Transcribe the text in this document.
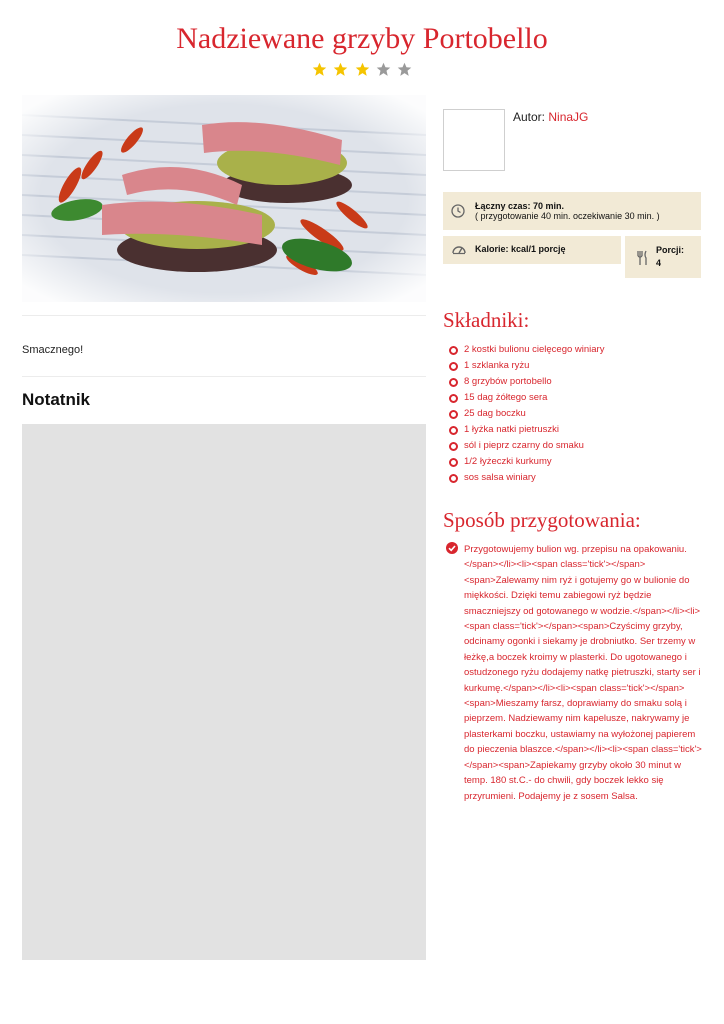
Nadziewane grzyby Portobello

Smacznego!
Notatnik
Autor: NinaJG
Łączny czas: 70 min.
( przygotowanie 40 min. oczekiwanie 30 min. )
Kalorie: kcal/1 porcję	Porcji:
4
Składniki:
2 kostki bulionu cielęcego winiary
1 szklanka ryżu
8 grzybów portobello
15 dag żółtego sera
25 dag boczku
1 łyżka natki pietruszki
sól i pieprz czarny do smaku
1/2 łyżeczki kurkumy
sos salsa winiary
Sposób przygotowania:

Przygotowujemy bulion wg. przepisu na opakowaniu.</span></li><li><span class='tick'></span><span>Zalewamy nim ryż i gotujemy go w bulionie do miękkości. Dzięki temu zabiegowi ryż będzie smaczniejszy od gotowanego w wodzie.</span></li><li><span class='tick'></span><span>Czyścimy grzyby, odcinamy ogonki i siekamy je drobniutko. Ser trzemy w łeżkę,a boczek kroimy w plasterki. Do ugotowanego i ostudzonego ryżu dodajemy natkę pietruszki, starty ser i kurkumę.</span></li><li><span class='tick'></span><span>Mieszamy farsz, doprawiamy do smaku solą i pieprzem. Nadziewamy nim kapelusze, nakrywamy je plasterkami boczku, ustawiamy na wyłożonej papierem do pieczenia blaszce.</span></li><li><span class='tick'></span><span>Zapiekamy grzyby około 30 minut w temp. 180 st.C.- do chwili, gdy boczek lekko się przyrumieni. Podajemy je z sosem Salsa.
